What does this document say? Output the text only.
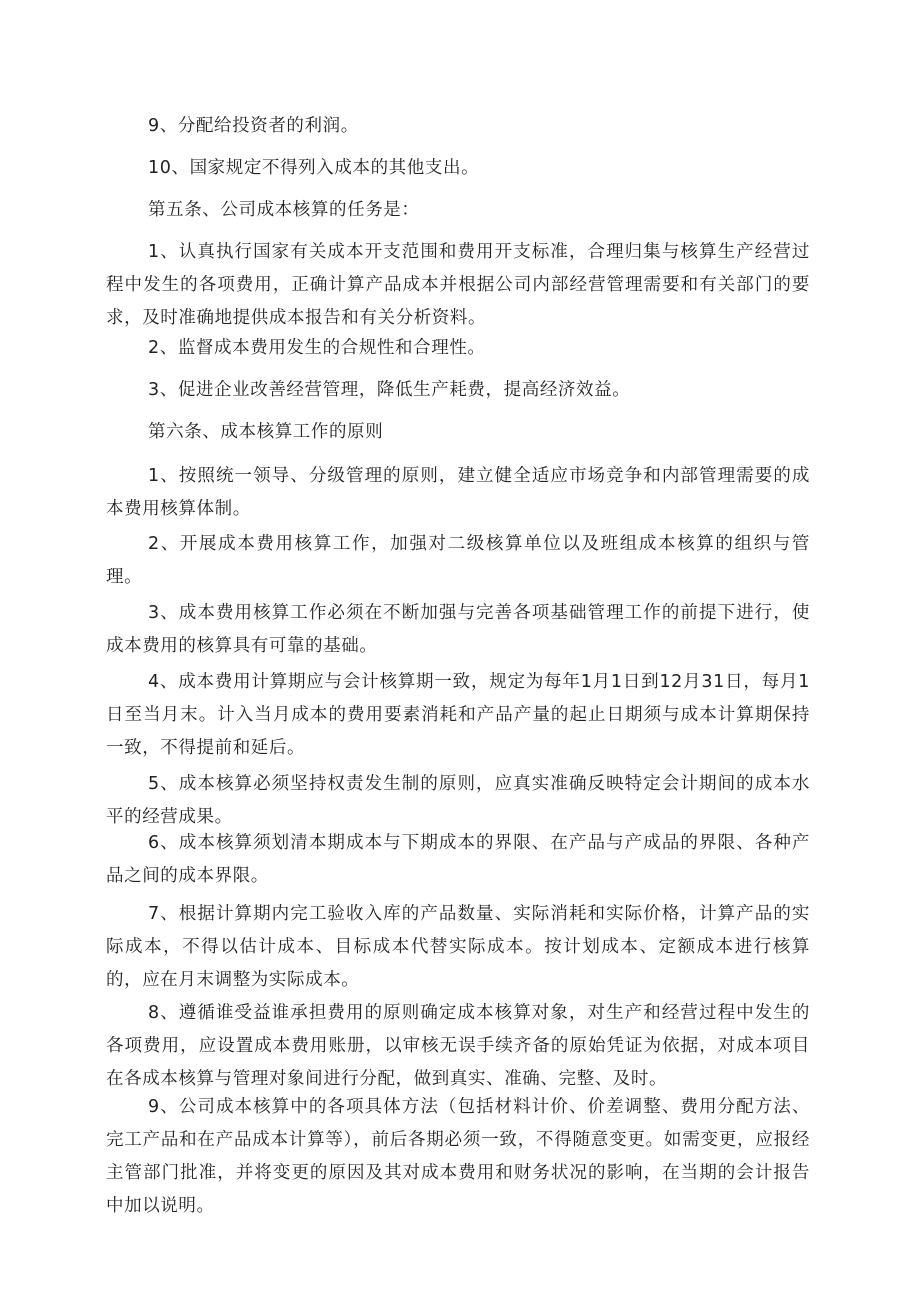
9、分配给投资者的利润。

10、国家规定不得列入成本的其他支出。

第五条、公司成本核算的任务是：

1、认真执行国家有关成本开支范围和费用开支标准，合理归集与核算生产经营过程中发生的各项费用，正确计算产品成本并根据公司内部经营管理需要和有关部门的要求，及时准确地提供成本报告和有关分析资料。

2、监督成本费用发生的合规性和合理性。

3、促进企业改善经营管理，降低生产耗费，提高经济效益。

第六条、成本核算工作的原则

1、按照统一领导、分级管理的原则，建立健全适应市场竞争和内部管理需要的成本费用核算体制。

2、开展成本费用核算工作，加强对二级核算单位以及班组成本核算的组织与管理。

3、成本费用核算工作必须在不断加强与完善各项基础管理工作的前提下进行，使成本费用的核算具有可靠的基础。

4、成本费用计算期应与会计核算期一致，规定为每年1月1日到12月31日，每月1日至当月末。计入当月成本的费用要素消耗和产品产量的起止日期须与成本计算期保持一致，不得提前和延后。

5、成本核算必须坚持权责发生制的原则，应真实准确反映特定会计期间的成本水平的经营成果。

6、成本核算须划清本期成本与下期成本的界限、在产品与产成品的界限、各种产品之间的成本界限。

7、根据计算期内完工验收入库的产品数量、实际消耗和实际价格，计算产品的实际成本，不得以估计成本、目标成本代替实际成本。按计划成本、定额成本进行核算的，应在月末调整为实际成本。

8、遵循谁受益谁承担费用的原则确定成本核算对象，对生产和经营过程中发生的各项费用，应设置成本费用账册，以审核无误手续齐备的原始凭证为依据，对成本项目在各成本核算与管理对象间进行分配，做到真实、准确、完整、及时。

9、公司成本核算中的各项具体方法（包括材料计价、价差调整、费用分配方法、完工产品和在产品成本计算等），前后各期必须一致，不得随意变更。如需变更，应报经主管部门批准，并将变更的原因及其对成本费用和财务状况的影响，在当期的会计报告中加以说明。
